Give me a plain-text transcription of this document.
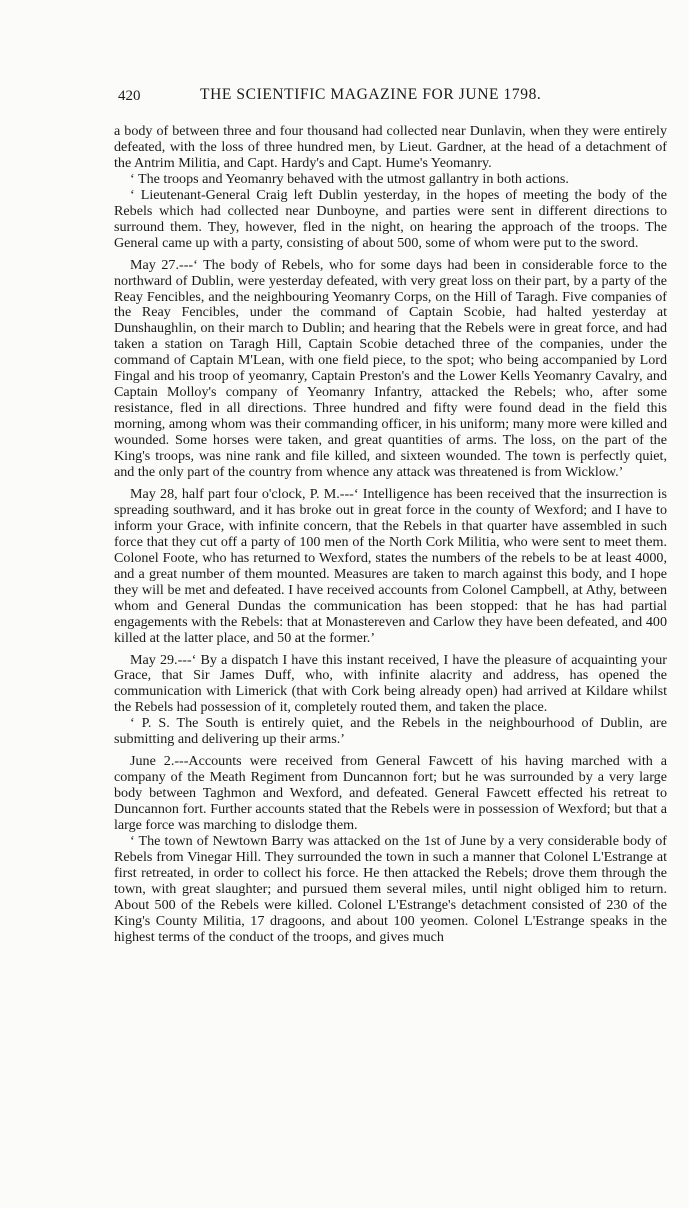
420	THE SCIENTIFIC MAGAZINE FOR JUNE 1798.

a body of between three and four thousand had collected near Dunlavin, when they were entirely defeated, with the loss of three hundred men, by Lieut. Gardner, at the head of a detachment of the Antrim Militia, and Capt. Hardy's and Capt. Hume's Yeomanry.

‘ The troops and Yeomanry behaved with the utmost gallantry in both actions.

‘ Lieutenant-General Craig left Dublin yesterday, in the hopes of meeting the body of the Rebels which had collected near Dunboyne, and parties were sent in different directions to surround them. They, however, fled in the night, on hearing the approach of the troops. The General came up with a party, consisting of about 500, some of whom were put to the sword.

May 27.---‘ The body of Rebels, who for some days had been in considerable force to the northward of Dublin, were yesterday defeated, with very great loss on their part, by a party of the Reay Fencibles, and the neighbouring Yeomanry Corps, on the Hill of Taragh. Five companies of the Reay Fencibles, under the command of Captain Scobie, had halted yesterday at Dunshaughlin, on their march to Dublin; and hearing that the Rebels were in great force, and had taken a station on Taragh Hill, Captain Scobie detached three of the companies, under the command of Captain M'Lean, with one field piece, to the spot; who being accompanied by Lord Fingal and his troop of yeomanry, Captain Preston's and the Lower Kells Yeomanry Cavalry, and Captain Molloy's company of Yeomanry Infantry, attacked the Rebels; who, after some resistance, fled in all directions. Three hundred and fifty were found dead in the field this morning, among whom was their commanding officer, in his uniform; many more were killed and wounded. Some horses were taken, and great quantities of arms. The loss, on the part of the King's troops, was nine rank and file killed, and sixteen wounded. The town is perfectly quiet, and the only part of the country from whence any attack was threatened is from Wicklow.’

May 28, half part four o'clock, P. M.---‘ Intelligence has been received that the insurrection is spreading southward, and it has broke out in great force in the county of Wexford; and I have to inform your Grace, with infinite concern, that the Rebels in that quarter have assembled in such force that they cut off a party of 100 men of the North Cork Militia, who were sent to meet them. Colonel Foote, who has returned to Wexford, states the numbers of the rebels to be at least 4000, and a great number of them mounted. Measures are taken to march against this body, and I hope they will be met and defeated. I have received accounts from Colonel Campbell, at Athy, between whom and General Dundas the communication has been stopped: that he has had partial engagements with the Rebels: that at Monastereven and Carlow they have been defeated, and 400 killed at the latter place, and 50 at the former.’

May 29.---‘ By a dispatch I have this instant received, I have the pleasure of acquainting your Grace, that Sir James Duff, who, with infinite alacrity and address, has opened the communication with Limerick (that with Cork being already open) had arrived at Kildare whilst the Rebels had possession of it, completely routed them, and taken the place.

‘ P. S. The South is entirely quiet, and the Rebels in the neighbourhood of Dublin, are submitting and delivering up their arms.’

June 2.---Accounts were received from General Fawcett of his having marched with a company of the Meath Regiment from Duncannon fort; but he was surrounded by a very large body between Taghmon and Wexford, and defeated. General Fawcett effected his retreat to Duncannon fort. Further accounts stated that the Rebels were in possession of Wexford; but that a large force was marching to dislodge them.

‘ The town of Newtown Barry was attacked on the 1st of June by a very considerable body of Rebels from Vinegar Hill. They surrounded the town in such a manner that Colonel L'Estrange at first retreated, in order to collect his force. He then attacked the Rebels; drove them through the town, with great slaughter; and pursued them several miles, until night obliged him to return. About 500 of the Rebels were killed. Colonel L'Estrange's detachment consisted of 230 of the King's County Militia, 17 dragoons, and about 100 yeomen. Colonel L'Estrange speaks in the highest terms of the conduct of the troops, and gives much
